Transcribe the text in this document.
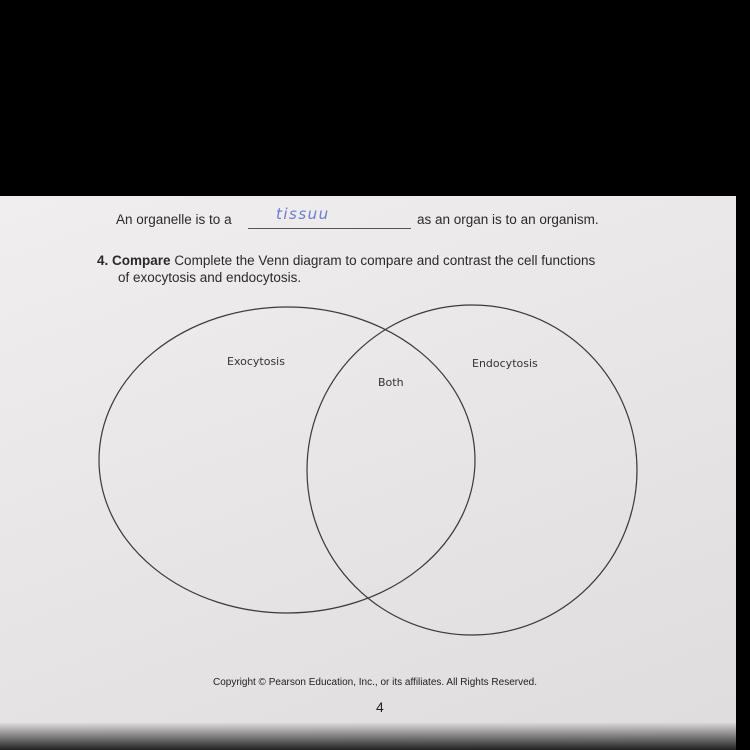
An organelle is to a	tissuu	as an organ is to an organism.
4. Compare Complete the Venn diagram to compare and contrast the cell functions
of exocytosis and endocytosis.
Exocytosis
Both
Endocytosis
Copyright © Pearson Education, Inc., or its affiliates. All Rights Reserved.
4
